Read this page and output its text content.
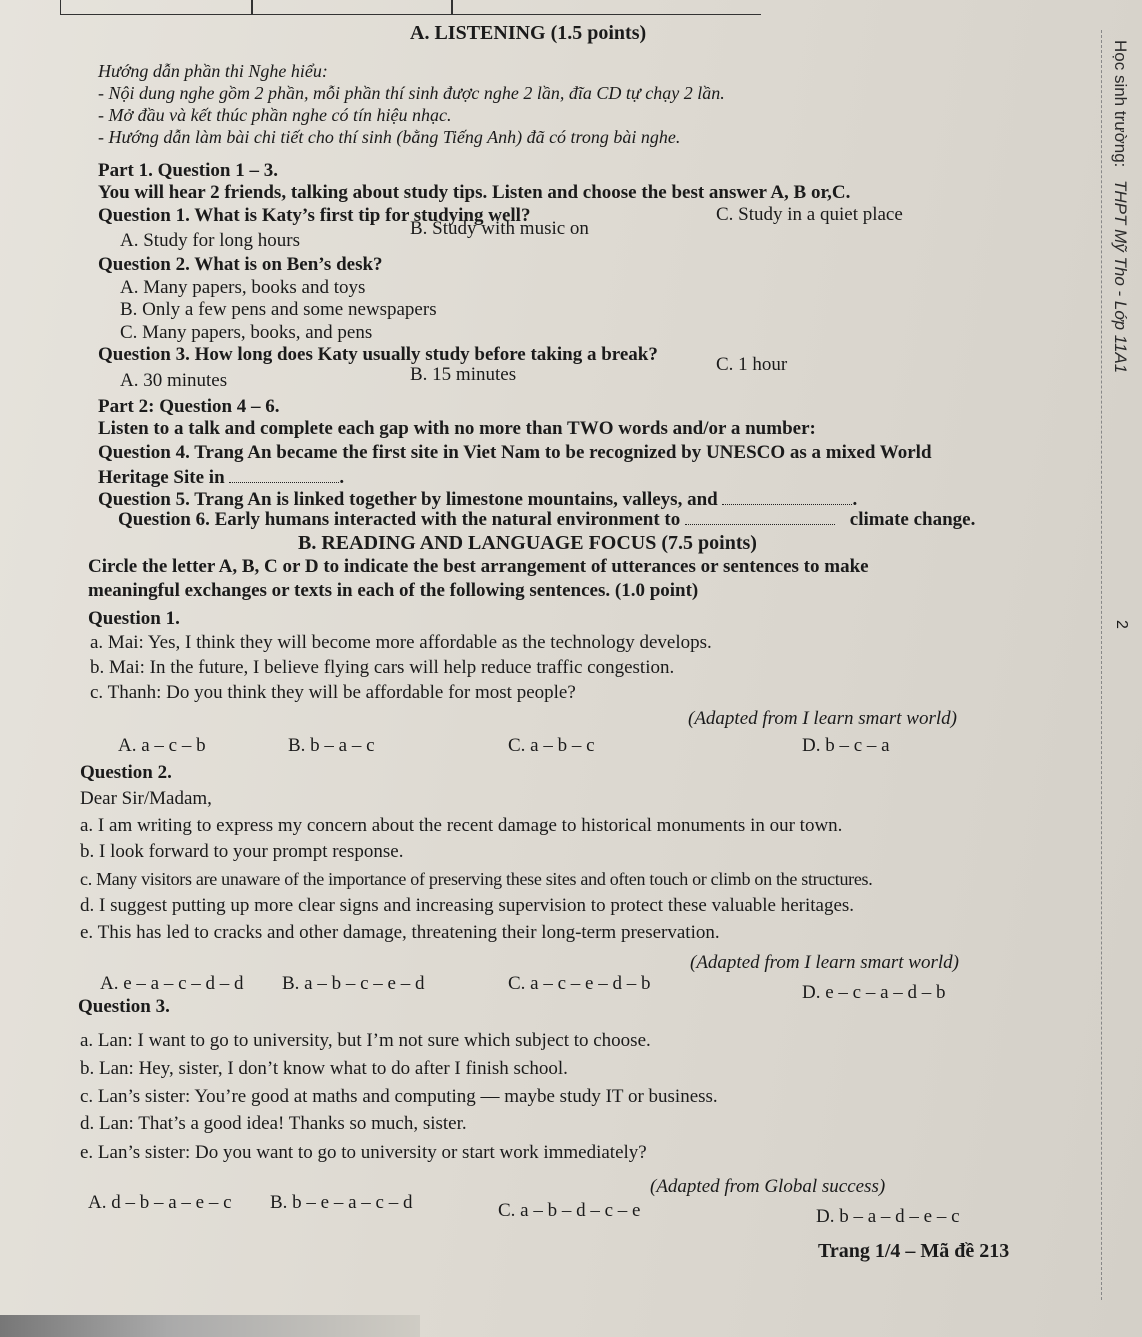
A. LISTENING (1.5 points)
Hướng dẫn phần thi Nghe hiểu:
- Nội dung nghe gồm 2 phần, mỗi phần thí sinh được nghe 2 lần, đĩa CD tự chạy 2 lần.
- Mở đầu và kết thúc phần nghe có tín hiệu nhạc.
- Hướng dẫn làm bài chi tiết cho thí sinh (bằng Tiếng Anh) đã có trong bài nghe.
Part 1. Question 1 – 3.
You will hear 2 friends, talking about study tips. Listen and choose the best answer A, B or,C.
Question 1. What is Katy’s first tip for studying well?
A. Study for long hours
B. Study with music on
C. Study in a quiet place
Question 2. What is on Ben’s desk?
A. Many papers, books and toys
B. Only a few pens and some newspapers
C. Many papers, books, and pens
Question 3. How long does Katy usually study before taking a break?
A. 30 minutes	B. 15 minutes	C. 1 hour
Part 2: Question 4 – 6.
Listen to a talk and complete each gap with no more than TWO words and/or a number:
Question 4. Trang An became the first site in Viet Nam to be recognized by UNESCO as a mixed World
Heritage Site in	.
Question 5. Trang An is linked together by limestone mountains, valleys, and	.
Question 6. Early humans interacted with the natural environment to	climate change.
B. READING AND LANGUAGE FOCUS (7.5 points)
Circle the letter A, B, C or D to indicate the best arrangement of utterances or sentences to make
meaningful exchanges or texts in each of the following sentences. (1.0 point)
Question 1.
a. Mai: Yes, I think they will become more affordable as the technology develops.
b. Mai: In the future, I believe flying cars will help reduce traffic congestion.
c. Thanh: Do you think they will be affordable for most people?
(Adapted from I learn smart world)
A. a – c – b	B. b – a – c	C. a – b – c	D. b – c – a
Question 2.
Dear Sir/Madam,
a. I am writing to express my concern about the recent damage to historical monuments in our town.
b. I look forward to your prompt response.
c. Many visitors are unaware of the importance of preserving these sites and often touch or climb on the structures.
d. I suggest putting up more clear signs and increasing supervision to protect these valuable heritages.
e. This has led to cracks and other damage, threatening their long-term preservation.
(Adapted from I learn smart world)
A. e – a – c – d – d B. a – b – c – e – d	C. a – c – e – d – b	D. e – c – a – d – b
Question 3.
a. Lan: I want to go to university, but I’m not sure which subject to choose.
b. Lan: Hey, sister, I don’t know what to do after I finish school.
c. Lan’s sister: You’re good at maths and computing — maybe study IT or business.
d. Lan: That’s a good idea! Thanks so much, sister.
e. Lan’s sister: Do you want to go to university or start work immediately?
(Adapted from Global success)
A. d – b – a – e – c B. b – e – a – c – d	C. a – b – d – c – e	D. b – a – d – e – c
Trang 1/4 – Mã đề 213
Học sinh trường: THPT Mỹ Tho - Lớp 11A1
2
